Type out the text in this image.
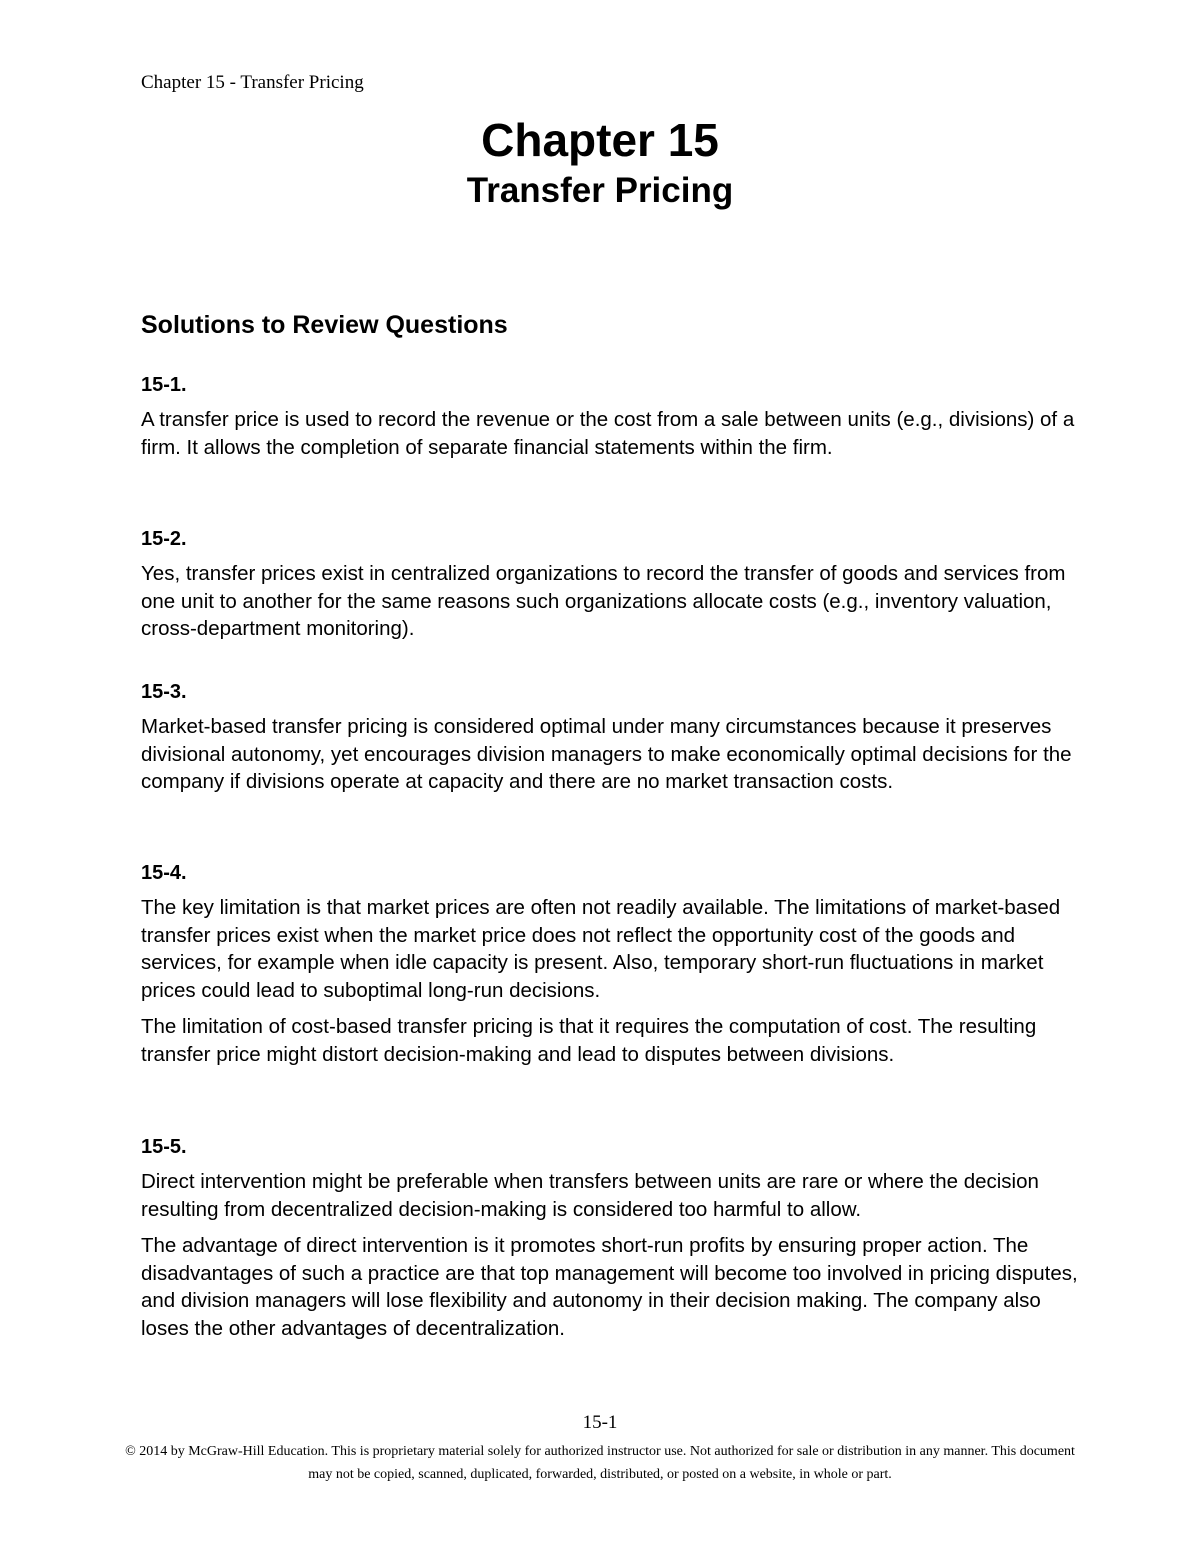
Chapter 15 - Transfer Pricing
Chapter 15
Transfer Pricing
Solutions to Review Questions
15-1.
A transfer price is used to record the revenue or the cost from a sale between units (e.g., divisions) of a firm. It allows the completion of separate financial statements within the firm.
15-2.
Yes, transfer prices exist in centralized organizations to record the transfer of goods and services from one unit to another for the same reasons such organizations allocate costs (e.g., inventory valuation, cross-department monitoring).
15-3.
Market-based transfer pricing is considered optimal under many circumstances because it preserves divisional autonomy, yet encourages division managers to make economically optimal decisions for the company if divisions operate at capacity and there are no market transaction costs.
15-4.
The key limitation is that market prices are often not readily available. The limitations of market-based transfer prices exist when the market price does not reflect the opportunity cost of the goods and services, for example when idle capacity is present. Also, temporary short-run fluctuations in market prices could lead to suboptimal long-run decisions.
The limitation of cost-based transfer pricing is that it requires the computation of cost. The resulting transfer price might distort decision-making and lead to disputes between divisions.
15-5.
Direct intervention might be preferable when transfers between units are rare or where the decision resulting from decentralized decision-making is considered too harmful to allow.
The advantage of direct intervention is it promotes short-run profits by ensuring proper action. The disadvantages of such a practice are that top management will become too involved in pricing disputes, and division managers will lose flexibility and autonomy in their decision making. The company also loses the other advantages of decentralization.
15-1
© 2014 by McGraw-Hill Education. This is proprietary material solely for authorized instructor use. Not authorized for sale or distribution in any manner. This document may not be copied, scanned, duplicated, forwarded, distributed, or posted on a website, in whole or part.
